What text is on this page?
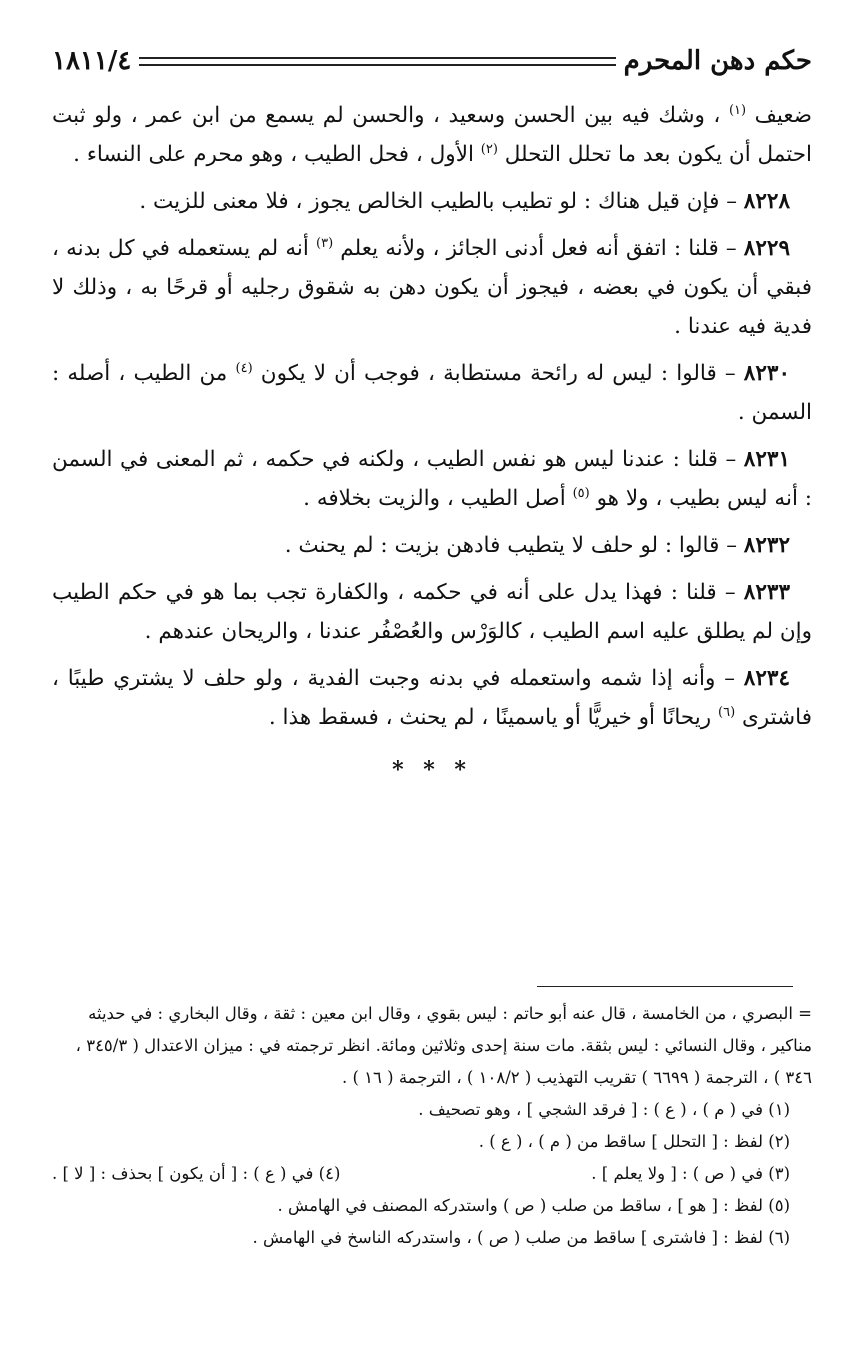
حكم دهن المحرم
١٨١١/٤

ضعيف $^{(١)}$ ، وشك فيه بين الحسن وسعيد ، والحسن لم يسمع من ابن عمر ، ولو ثبت احتمل أن يكون بعد ما تحلل التحلل $^{(٢)}$ الأول ، فحل الطيب ، وهو محرم على النساء .

٨٢٢٨ – فإن قيل هناك : لو تطيب بالطيب الخالص يجوز ، فلا معنى للزيت .

٨٢٢٩ – قلنا : اتفق أنه فعل أدنى الجائز ، ولأنه يعلم $^{(٣)}$ أنه لم يستعمله في كل بدنه ، فبقي أن يكون في بعضه ، فيجوز أن يكون دهن به شقوق رجليه أو قرحًا به ، وذلك لا فدية فيه عندنا .

٨٢٣٠ – قالوا : ليس له رائحة مستطابة ، فوجب أن لا يكون $^{(٤)}$ من الطيب ، أصله : السمن .

٨٢٣١ – قلنا : عندنا ليس هو نفس الطيب ، ولكنه في حكمه ، ثم المعنى في السمن : أنه ليس بطيب ، ولا هو $^{(٥)}$ أصل الطيب ، والزيت بخلافه .

٨٢٣٢ – قالوا : لو حلف لا يتطيب فادهن بزيت : لم يحنث .

٨٢٣٣ – قلنا : فهذا يدل على أنه في حكمه ، والكفارة تجب بما هو في حكم الطيب وإن لم يطلق عليه اسم الطيب ، كالوَرْس والعُصْفُر عندنا ، والريحان عندهم .

٨٢٣٤ – وأنه إذا شمه واستعمله في بدنه وجبت الفدية ، ولو حلف لا يشتري طيبًا ، فاشترى $^{(٦)}$ ريحانًا أو خيريًّا أو ياسمينًا ، لم يحنث ، فسقط هذا .

* * *

= البصري ، من الخامسة ، قال عنه أبو حاتم : ليس بقوي ، وقال ابن معين : ثقة ، وقال البخاري : في حديثه

مناكير ، وقال النسائي : ليس بثقة. مات سنة إحدى وثلاثين ومائة. انظر ترجمته في : ميزان الاعتدال ( ٣٤٥/٣ ،

٣٤٦ ) ، الترجمة ( ٦٦٩٩ ) تقريب التهذيب ( ١٠٨/٢ ) ، الترجمة ( ١٦ ) .

(١) في ( م ) ، ( ع ) : [ فرقد الشجي ] ، وهو تصحيف .

(٢) لفظ : [ التحلل ] ساقط من ( م ) ، ( ع ) .

(٣) في ( ص ) : [ ولا يعلم ] .
(٤) في ( ع ) : [ أن يكون ] بحذف : [ لا ] .

(٥) لفظ : [ هو ] ، ساقط من صلب ( ص ) واستدركه المصنف في الهامش .

(٦) لفظ : [ فاشترى ] ساقط من صلب ( ص ) ، واستدركه الناسخ في الهامش .
